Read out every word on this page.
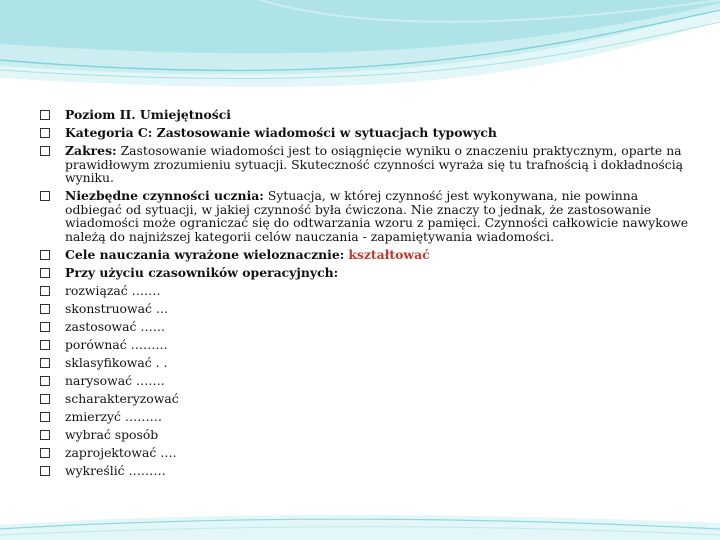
Poziom II. Umiejętności
Kategoria C: Zastosowanie wiadomości w sytuacjach typowych
Zakres: Zastosowanie wiadomości jest to osiągnięcie wyniku o znaczeniu praktycznym, oparte na prawidłowym zrozumieniu sytuacji. Skuteczność czynności wyraża się tu trafnością i dokładnością wyniku.
Niezbędne czynności ucznia: Sytuacja, w której czynność jest wykonywana, nie powinna odbiegać od sytuacji, w jakiej czynność była ćwiczona. Nie znaczy to jednak, że zastosowanie wiadomości może ograniczać się do odtwarzania wzoru z pamięci. Czynności całkowicie nawykowe należą do najniższej kategorii celów nauczania - zapamiętywania wiadomości.
Cele nauczania wyrażone wieloznacznie: kształtować
Przy użyciu czasowników operacyjnych:
rozwiązać …….
skonstruować …
zastosować ……
porównać ………
sklasyfikować . .
narysować …….
scharakteryzować
zmierzyć ………
wybrać sposób
zaprojektować ….
wykreślić ………
